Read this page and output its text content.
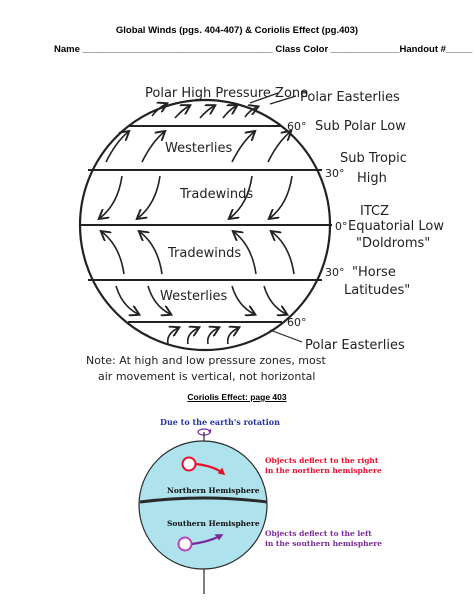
Global Winds (pgs. 404-407) & Coriolis Effect (pg.403)
Name ____________________________________ Class Color _____________Handout #_____
Polar High Pressure Zone
Polar Easterlies
60° Sub Polar Low
Westerlies
Sub Tropic
30° High
Tradewinds
ITCZ
0° Equatorial Low
"Doldroms"
Tradewinds
30° "Horse
Latitudes"
Westerlies
60°
Polar Easterlies
Note: At high and low pressure zones, most
air movement is vertical, not horizontal
Due to the earth's rotation
Northern Hemisphere
Southern Hemisphere
Objects deflect to the right
in the northern hemisphere
Objects deflect to the left
in the southern hemisphere
Coriolis Effect: page 403
